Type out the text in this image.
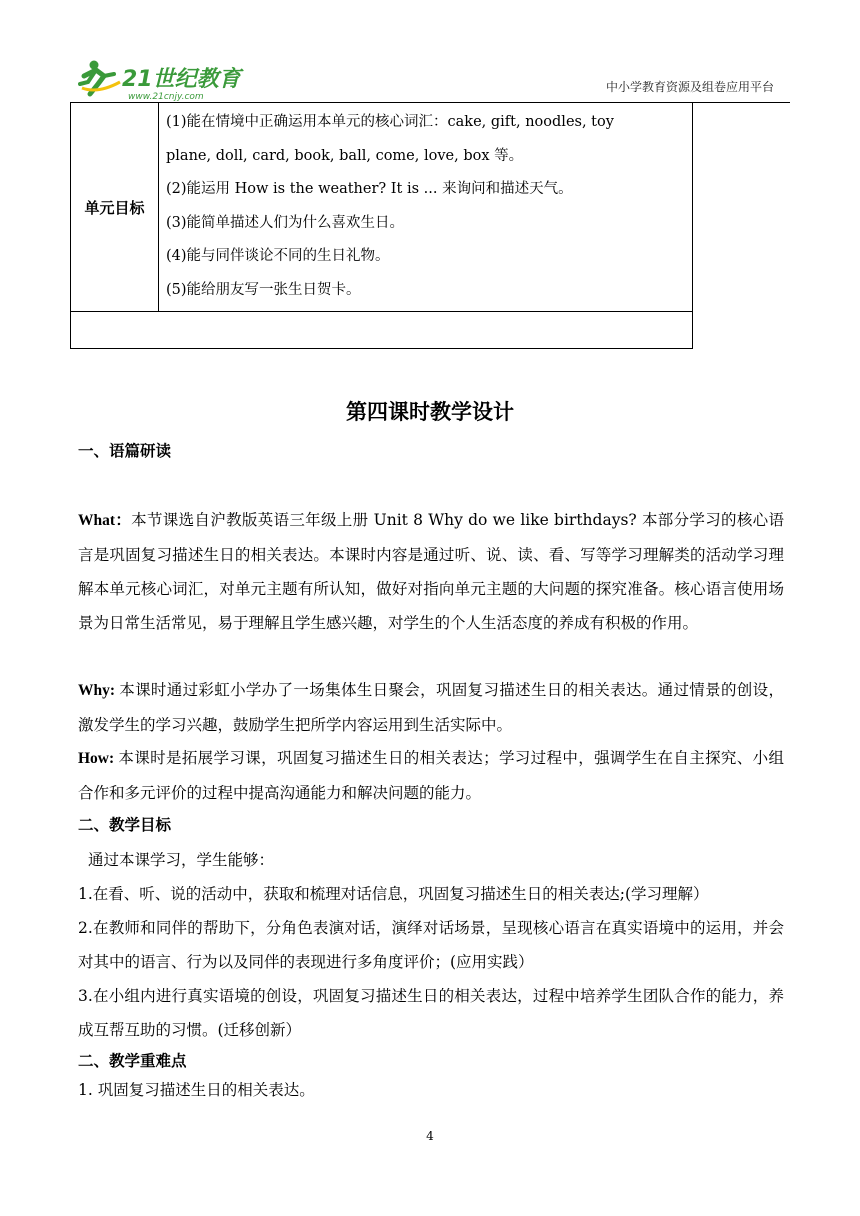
21世纪教育
www.21cnjy.com
中小学教育资源及组卷应用平台
单元目标	
(1)能在情境中正确运用本单元的核心词汇：cake, gift, noodles, toy
plane, doll, card, book, ball, come, love, box 等。
(2)能运用 How is the weather? It is ... 来询问和描述天气。
(3)能简单描述人们为什么喜欢生日。
(4)能与同伴谈论不同的生日礼物。
(5)能给朋友写一张生日贺卡。

第四课时教学设计
一、语篇研读
What：本节课选自沪教版英语三年级上册 Unit 8 Why do we like birthdays? 本部分学习的核心语言是巩固复习描述生日的相关表达。本课时内容是通过听、说、读、看、写等学习理解类的活动学习理解本单元核心词汇，对单元主题有所认知，做好对指向单元主题的大问题的探究准备。核心语言使用场景为日常生活常见，易于理解且学生感兴趣，对学生的个人生活态度的养成有积极的作用。
Why: 本课时通过彩虹小学办了一场集体生日聚会，巩固复习描述生日的相关表达。通过情景的创设，激发学生的学习兴趣，鼓励学生把所学内容运用到生活实际中。
How: 本课时是拓展学习课，巩固复习描述生日的相关表达；学习过程中，强调学生在自主探究、小组合作和多元评价的过程中提高沟通能力和解决问题的能力。
二、教学目标
通过本课学习，学生能够：
1.在看、听、说的活动中，获取和梳理对话信息，巩固复习描述生日的相关表达;(学习理解）
2.在教师和同伴的帮助下，分角色表演对话，演绎对话场景，呈现核心语言在真实语境中的运用，并会对其中的语言、行为以及同伴的表现进行多角度评价；(应用实践）
3.在小组内进行真实语境的创设，巩固复习描述生日的相关表达，过程中培养学生团队合作的能力，养成互帮互助的习惯。(迁移创新）
二、教学重难点
1. 巩固复习描述生日的相关表达。
4
